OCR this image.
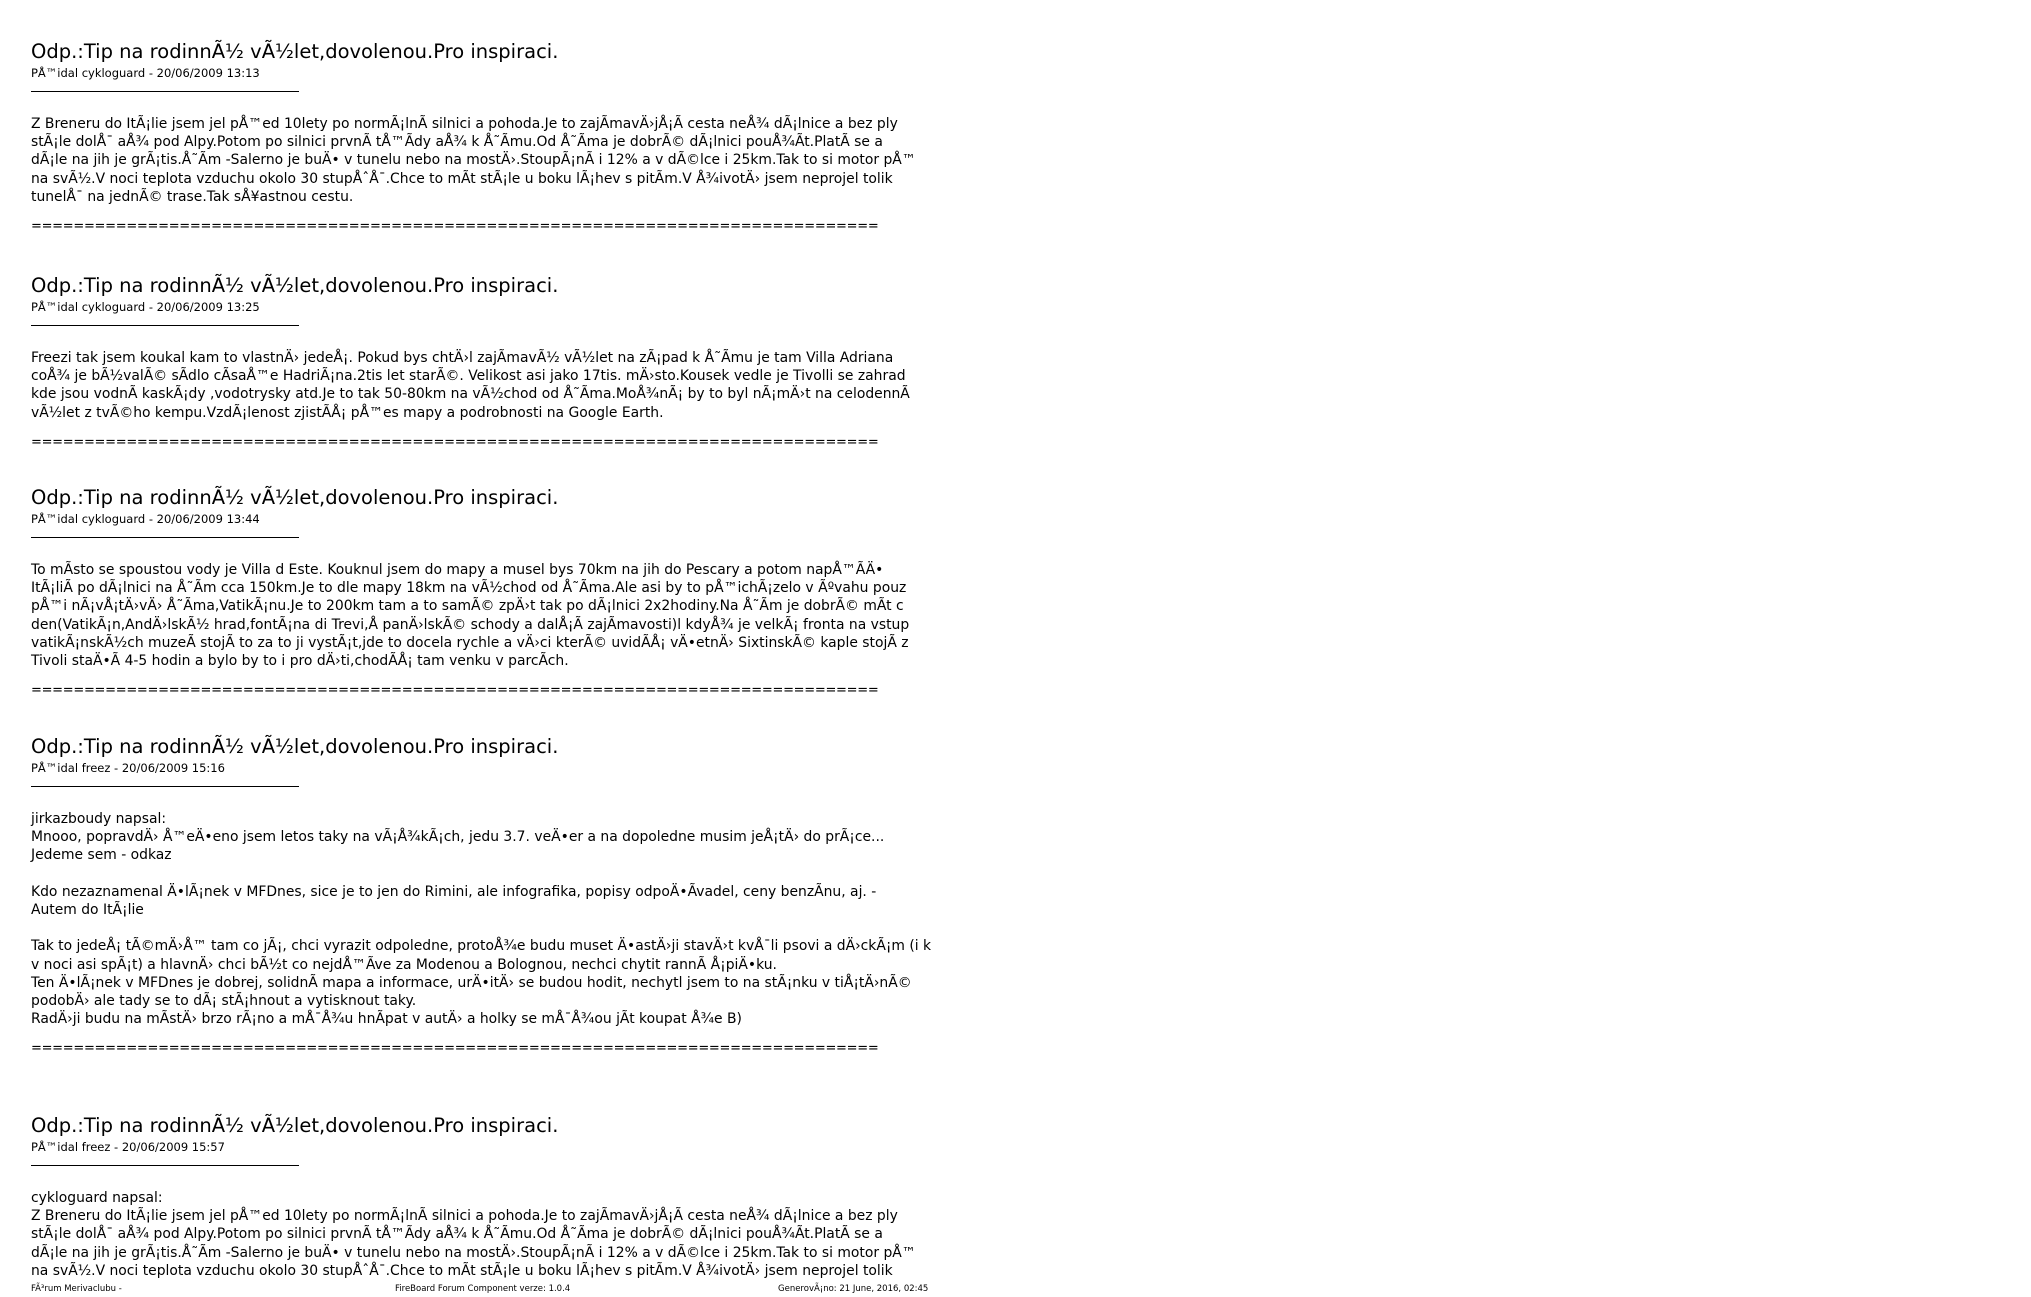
Odp.:Tip na rodinnÃ½ vÃ½let,dovolenou.Pro inspiraci.
PÅ™idal cykloguard - 20/06/2009 13:13
Z Breneru do ItÃ¡lie jsem jel pÅ™ed 10lety po normÃ¡lnÃ silnici a pohoda.Je to zajÃmavÄ›jÅ¡Ã cesta neÅ¾ dÃ¡lnice a bez ply
stÃ¡le dolÅ¯ aÅ¾ pod Alpy.Potom po silnici prvnÃ tÅ™Ãdy aÅ¾ k Å˜Ãmu.Od Å˜Ãma je dobrÃ© dÃ¡lnici pouÅ¾Ãt.PlatÃ se a
dÃ¡le na jih je grÃ¡tis.Å˜Ãm -Salerno je buÄ• v tunelu nebo na mostÄ›.StoupÃ¡nÃ i 12% a v dÃ©lce i 25km.Tak to si motor pÅ™
na svÃ½.V noci teplota vzduchu okolo 30 stupÅˆÅ¯.Chce to mÃt stÃ¡le u boku lÃ¡hev s pitÃm.V Å¾ivotÄ› jsem neprojel tolik
tunelÅ¯ na jednÃ© trase.Tak sÅ¥astnou cestu.
================================================================================
Odp.:Tip na rodinnÃ½ vÃ½let,dovolenou.Pro inspiraci.
PÅ™idal cykloguard - 20/06/2009 13:25
Freezi tak jsem koukal kam to vlastnÄ› jedeÅ¡. Pokud bys chtÄ›l zajÃmavÃ½ vÃ½let na zÃ¡pad k Å˜Ãmu je tam Villa Adriana
coÅ¾ je bÃ½valÃ© sÃdlo cÃsaÅ™e HadriÃ¡na.2tis let starÃ©. Velikost asi jako 17tis. mÄ›sto.Kousek vedle je Tivolli se zahrad
kde jsou vodnÃ kaskÃ¡dy ,vodotrysky atd.Je to tak 50-80km na vÃ½chod od Å˜Ãma.MoÅ¾nÃ¡ by to byl nÃ¡mÄ›t na celodennÃ
vÃ½let z tvÃ©ho kempu.VzdÃ¡lenost zjistÃÅ¡ pÅ™es mapy a podrobnosti na Google Earth.
================================================================================
Odp.:Tip na rodinnÃ½ vÃ½let,dovolenou.Pro inspiraci.
PÅ™idal cykloguard - 20/06/2009 13:44
To mÃsto se spoustou vody je Villa d Este. Kouknul jsem do mapy a musel bys 70km na jih do Pescary a potom napÅ™ÃÄ•
ItÃ¡liÃ po dÃ¡lnici na Å˜Ãm cca 150km.Je to dle mapy 18km na vÃ½chod od Å˜Ãma.Ale asi by to pÅ™ichÃ¡zelo v Ãºvahu pouz
pÅ™i nÃ¡vÅ¡tÄ›vÄ› Å˜Ãma,VatikÃ¡nu.Je to 200km tam a to samÃ© zpÄ›t tak po dÃ¡lnici 2x2hodiny.Na Å˜Ãm je dobrÃ© mÃt c
den(VatikÃ¡n,AndÄ›lskÃ½ hrad,fontÃ¡na di Trevi,Å panÄ›lskÃ© schody a dalÅ¡Ã zajÃmavosti)l kdyÅ¾ je velkÃ¡ fronta na vstup
vatikÃ¡nskÃ½ch muzeÃ stojÃ to za to ji vystÃ¡t,jde to docela rychle a vÄ›ci kterÃ© uvidÃÅ¡ vÄ•etnÄ› SixtinskÃ© kaple stojÃ z
Tivoli staÄ•Ã 4-5 hodin a bylo by to i pro dÄ›ti,chodÃÅ¡ tam venku v parcÃch.
================================================================================
Odp.:Tip na rodinnÃ½ vÃ½let,dovolenou.Pro inspiraci.
PÅ™idal freez - 20/06/2009 15:16
jirkazboudy napsal:
Mnooo, popravdÄ› Å™eÄ•eno jsem letos taky na vÃ¡Å¾kÃ¡ch, jedu 3.7. veÄ•er a na dopoledne musim jeÅ¡tÄ› do prÃ¡ce...
Jedeme sem - odkaz

Kdo nezaznamenal Ä•lÃ¡nek v MFDnes, sice je to jen do Rimini, ale infografika, popisy odpoÄ•Ãvadel, ceny benzÃnu, aj. -
Autem do ItÃ¡lie

Tak to jedeÅ¡ tÃ©mÄ›Å™ tam co jÃ¡, chci vyrazit odpoledne, protoÅ¾e budu muset Ä•astÄ›ji stavÄ›t kvÅ¯li psovi a dÄ›ckÃ¡m (i k
v noci asi spÃ¡t) a hlavnÄ› chci bÃ½t co nejdÅ™Ãve za Modenou a Bolognou, nechci chytit rannÃ Å¡piÄ•ku.
Ten Ä•lÃ¡nek v MFDnes je dobrej, solidnÃ mapa a informace, urÄ•itÄ› se budou hodit, nechytl jsem to na stÃ¡nku v tiÅ¡tÄ›nÃ©
podobÄ› ale tady se to dÃ¡ stÃ¡hnout a vytisknout taky.
RadÄ›ji budu na mÃstÄ› brzo rÃ¡no a mÅ¯Å¾u hnÃpat v autÄ› a holky se mÅ¯Å¾ou jÃt koupat Å¾e B)
================================================================================
Odp.:Tip na rodinnÃ½ vÃ½let,dovolenou.Pro inspiraci.
PÅ™idal freez - 20/06/2009 15:57
cykloguard napsal:
Z Breneru do ItÃ¡lie jsem jel pÅ™ed 10lety po normÃ¡lnÃ silnici a pohoda.Je to zajÃmavÄ›jÅ¡Ã cesta neÅ¾ dÃ¡lnice a bez ply
stÃ¡le dolÅ¯ aÅ¾ pod Alpy.Potom po silnici prvnÃ tÅ™Ãdy aÅ¾ k Å˜Ãmu.Od Å˜Ãma je dobrÃ© dÃ¡lnici pouÅ¾Ãt.PlatÃ se a
dÃ¡le na jih je grÃ¡tis.Å˜Ãm -Salerno je buÄ• v tunelu nebo na mostÄ›.StoupÃ¡nÃ i 12% a v dÃ©lce i 25km.Tak to si motor pÅ™
na svÃ½.V noci teplota vzduchu okolo 30 stupÅˆÅ¯.Chce to mÃt stÃ¡le u boku lÃ¡hev s pitÃm.V Å¾ivotÄ› jsem neprojel tolik
FÃ³rum Merivaclubu -	FireBoard Forum Component verze: 1.0.4	GenerovÃ¡no: 21 June, 2016, 02:45
